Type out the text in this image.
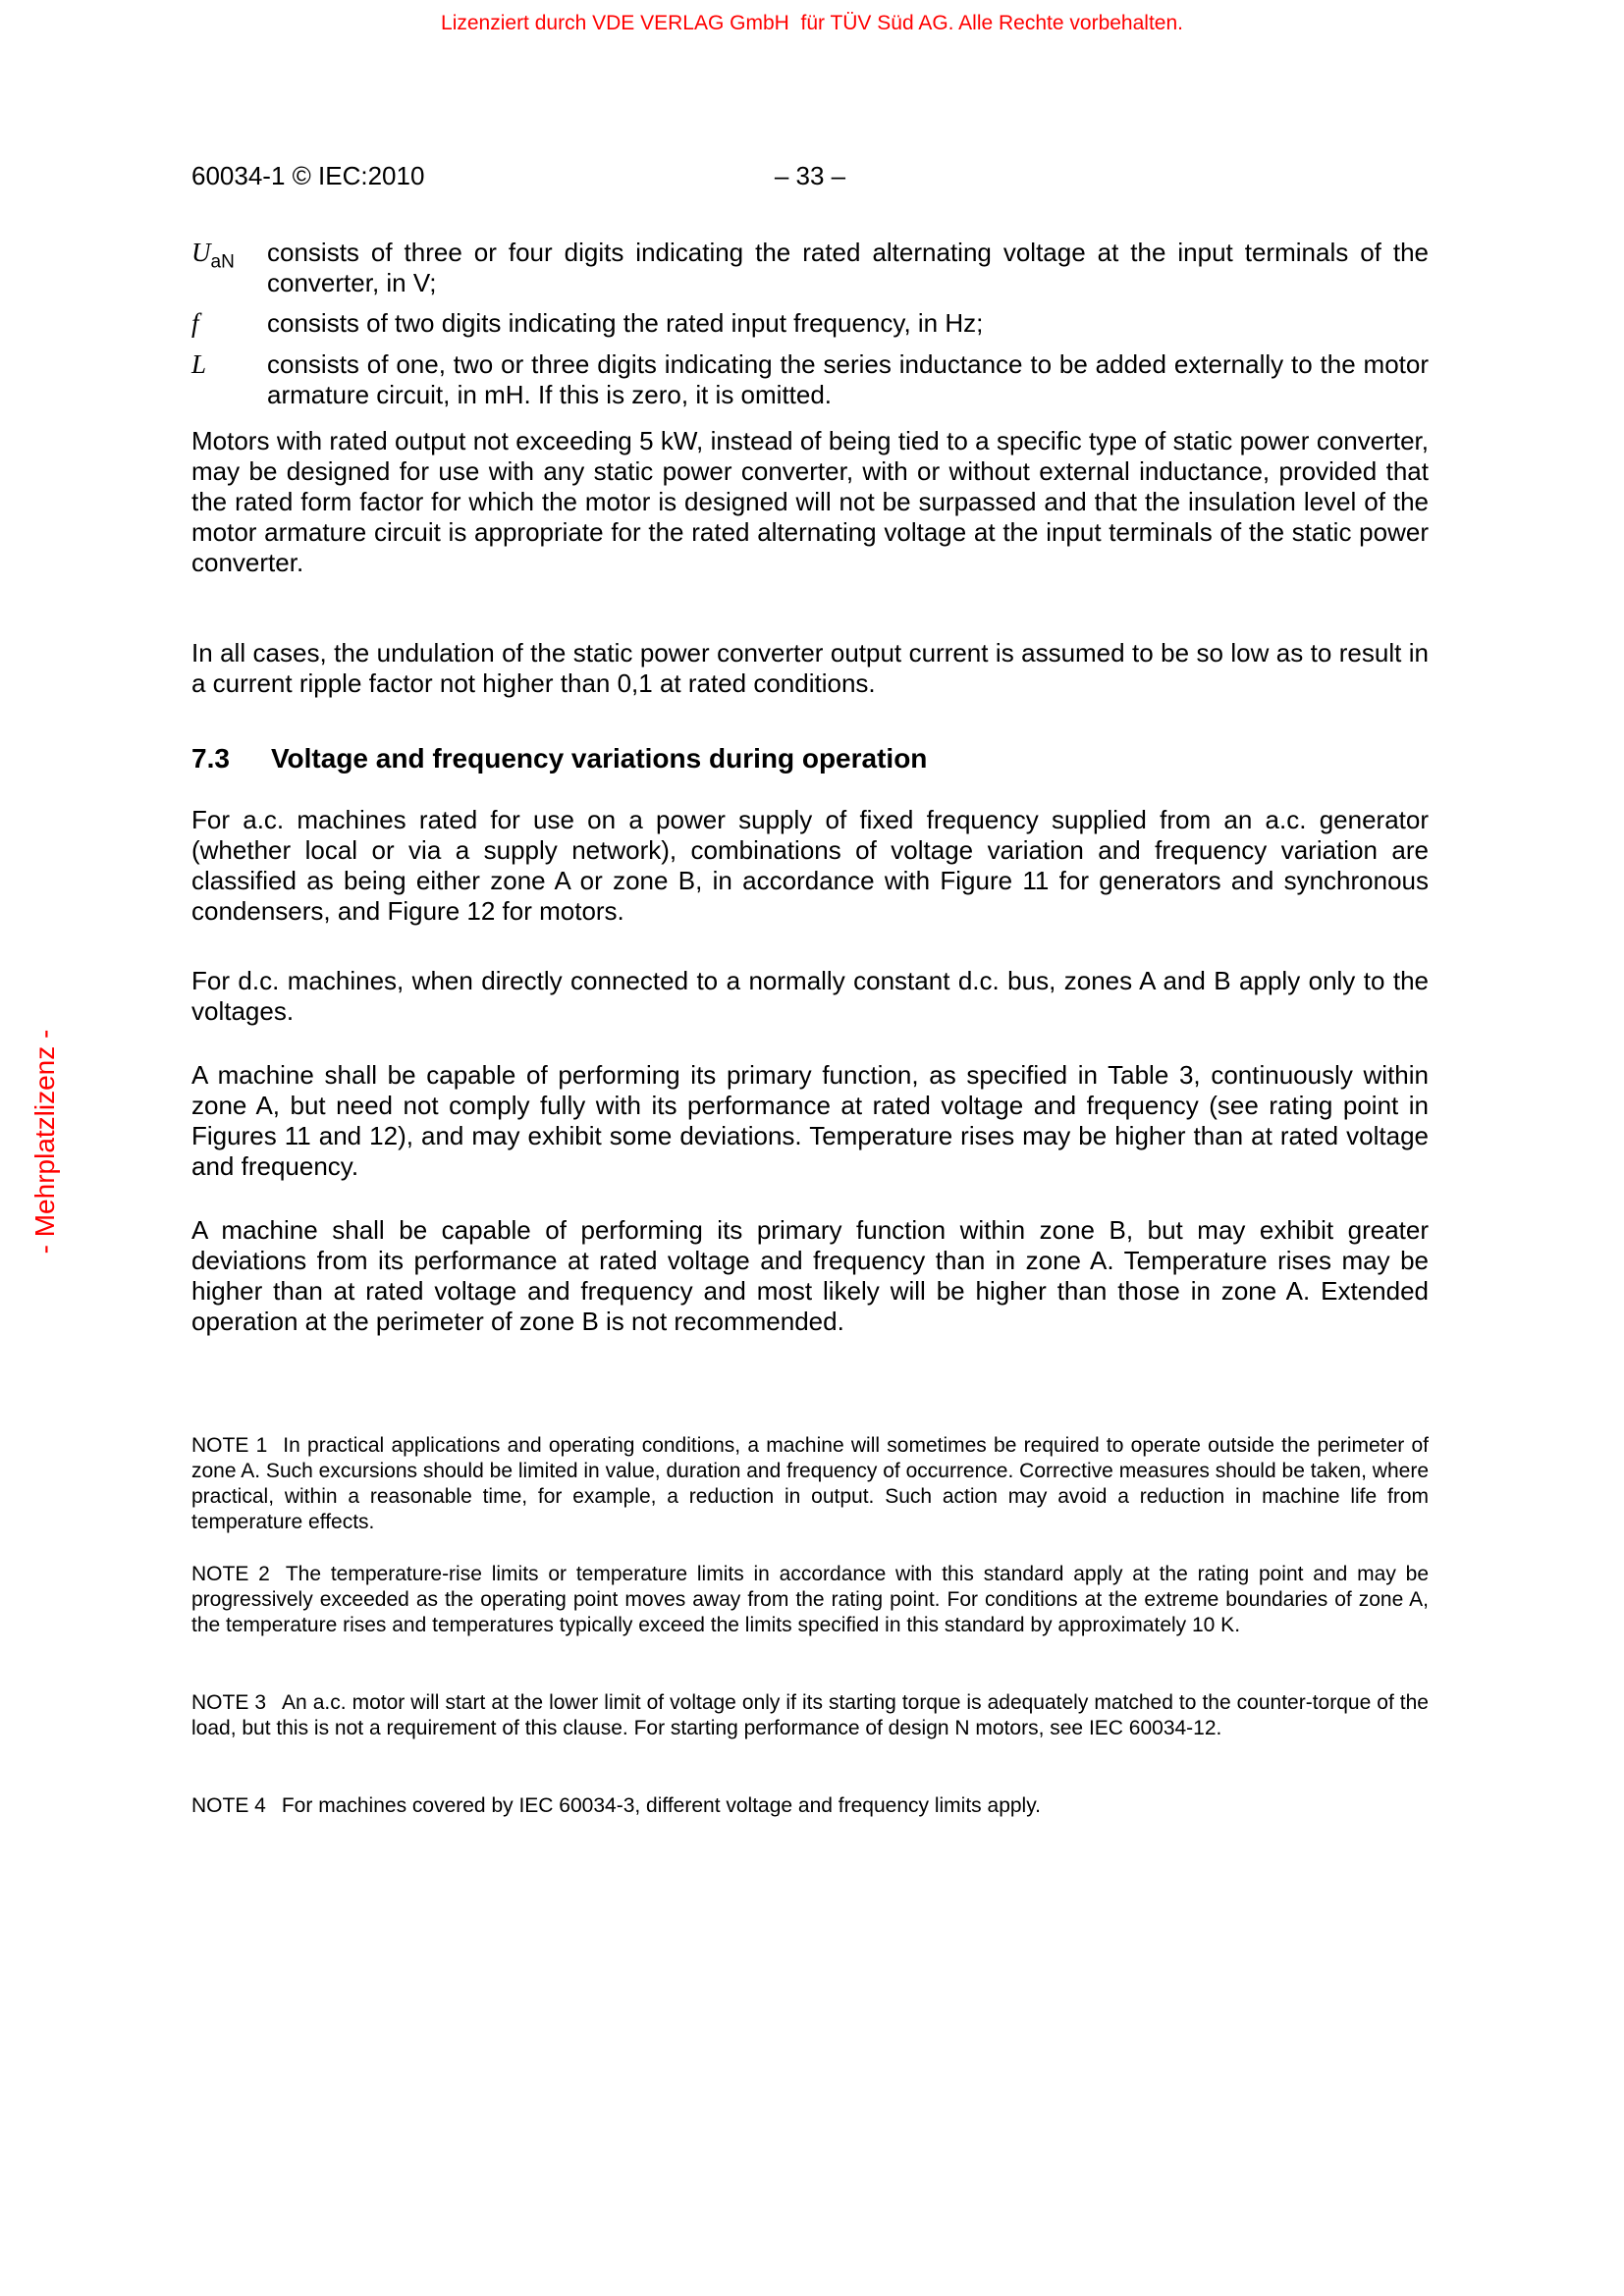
Lizenziert durch VDE VERLAG GmbH  für TÜV Süd AG. Alle Rechte vorbehalten.
- Mehrplatzlizenz -
60034-1 © IEC:2010	– 33 –
$U_{aN}$ consists of three or four digits indicating the rated alternating voltage at the input terminals of the converter, in V;
f	consists of two digits indicating the rated input frequency, in Hz;
L consists of one, two or three digits indicating the series inductance to be added externally to the motor armature circuit, in mH. If this is zero, it is omitted.
Motors with rated output not exceeding 5 kW, instead of being tied to a specific type of static power converter, may be designed for use with any static power converter, with or without external inductance, provided that the rated form factor for which the motor is designed will not be surpassed and that the insulation level of the motor armature circuit is appropriate for the rated alternating voltage at the input terminals of the static power converter.
In all cases, the undulation of the static power converter output current is assumed to be so low as to result in a current ripple factor not higher than 0,1 at rated conditions.
7.3 Voltage and frequency variations during operation
For a.c. machines rated for use on a power supply of fixed frequency supplied from an a.c. generator (whether local or via a supply network), combinations of voltage variation and frequency variation are classified as being either zone A or zone B, in accordance with Figure 11 for generators and synchronous condensers, and Figure 12 for motors.
For d.c. machines, when directly connected to a normally constant d.c. bus, zones A and B apply only to the voltages.
A machine shall be capable of performing its primary function, as specified in Table 3, continuously within zone A, but need not comply fully with its performance at rated voltage and frequency (see rating point in Figures 11 and 12), and may exhibit some deviations. Temperature rises may be higher than at rated voltage and frequency.
A machine shall be capable of performing its primary function within zone B, but may exhibit greater deviations from its performance at rated voltage and frequency than in zone A. Temperature rises may be higher than at rated voltage and frequency and most likely will be higher than those in zone A. Extended operation at the perimeter of zone B is not recommended.
NOTE 1 In practical applications and operating conditions, a machine will sometimes be required to operate outside the perimeter of zone A. Such excursions should be limited in value, duration and frequency of occurrence. Corrective measures should be taken, where practical, within a reasonable time, for example, a reduction in output. Such action may avoid a reduction in machine life from temperature effects.
NOTE 2 The temperature-rise limits or temperature limits in accordance with this standard apply at the rating point and may be progressively exceeded as the operating point moves away from the rating point. For conditions at the extreme boundaries of zone A, the temperature rises and temperatures typically exceed the limits specified in this standard by approximately 10 K.
NOTE 3 An a.c. motor will start at the lower limit of voltage only if its starting torque is adequately matched to the counter-torque of the load, but this is not a requirement of this clause. For starting performance of design N motors, see IEC 60034-12.
NOTE 4 For machines covered by IEC 60034-3, different voltage and frequency limits apply.
